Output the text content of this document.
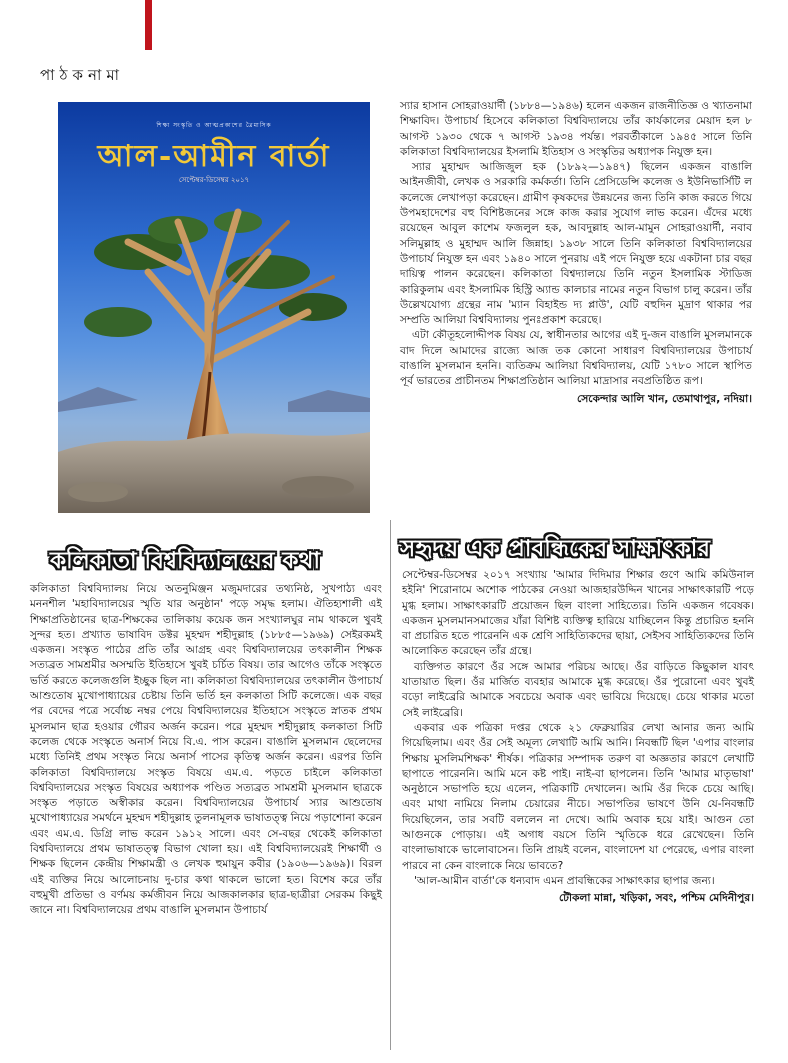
পাঠকনামা
শিক্ষা সংস্কৃতি ও আত্মপ্রকাশের ত্রৈমাসিক
আল-আমীন বার্তা
সেপ্টেম্বর-ডিসেম্বর ২০১৭

স্যার হাসান সোহরাওয়ার্দী (১৮৮৪—১৯৪৬) হলেন একজন রাজনীতিজ্ঞ ও খ্যাতনামা শিক্ষাবিদ। উপাচার্য হিসেবে কলিকাতা বিশ্ববিদ্যালয়ে তাঁর কার্যকালের মেয়াদ হল ৮ আগস্ট ১৯৩০ থেকে ৭ আগস্ট ১৯৩৪ পর্যন্ত। পরবর্তীকালে ১৯৪৫ সালে তিনি কলিকাতা বিশ্ববিদ্যালয়ের ইসলামি ইতিহাস ও সংস্কৃতির অধ্যাপক নিযুক্ত হন।

স্যার মুহাম্মদ আজিজুল হক (১৮৯২—১৯৪৭) ছিলেন একজন বাঙালি আইনজীবী, লেখক ও সরকারি কর্মকর্তা। তিনি প্রেসিডেন্সি কলেজ ও ইউনিভার্সিটি ল কলেজে লেখাপড়া করেছেন। গ্রামীণ কৃষকদের উন্নয়নের জন্য তিনি কাজ করতে গিয়ে উপমহাদেশের বহু বিশিষ্টজনের সঙ্গে কাজ করার সুযোগ লাভ করেন। এঁদের মধ্যে রয়েছেন আবুল কাশেম ফজলুল হক, আবদুল্লাহ আল-মামুন সোহরাওয়ার্দী, নবাব সলিমুল্লাহ ও মুহাম্মদ আলি জিন্নাহ। ১৯৩৮ সালে তিনি কলিকাতা বিশ্ববিদ্যালয়ের উপাচার্য নিযুক্ত হন এবং ১৯৪০ সালে পুনরায় এই পদে নিযুক্ত হয়ে একটানা চার বছর দায়িত্ব পালন করেছেন। কলিকাতা বিশ্বদ্যালয়ে তিনি নতুন ইসলামিক স্টাডিজ কারিকুলাম এবং ইসলামিক হিস্ট্রি অ্যান্ড কালচার নামের নতুন বিভাগ চালু করেন। তাঁর উল্লেখযোগ্য গ্রন্থের নাম 'ম্যান বিহাইন্ড দ্য প্লাউ', যেটি বহুদিন মুদ্রাণ থাকার পর সম্প্রতি আলিয়া বিশ্ববিদ্যালয় পুনঃপ্রকাশ করেছে।

এটা কৌতূহলোদ্দীপক বিষয় যে, স্বাধীনতার আগের এই দু-জন বাঙালি মুসলমানকে বাদ দিলে আমাদের রাজ্যে আজ তক কোনো সাধারণ বিশ্ববিদ্যালয়ের উপাচার্য বাঙালি মুসলমান হননি। ব্যতিক্রম আলিয়া বিশ্ববিদ্যালয়, যেটি ১৭৮০ সালে স্থাপিত পূর্ব ভারতের প্রাচীনতম শিক্ষাপ্রতিষ্ঠান আলিয়া মাদ্রাসার নবপ্রতিষ্ঠিত রূপ।

সেকেন্দার আলি খান, তেমাথাপুর, নদিয়া।
কলিকাতা বিশ্ববিদ্যালয়ের কথা	সহৃদয় এক প্রাবন্ধিকের সাক্ষাৎকার

কলিকাতা বিশ্ববিদ্যালয় নিয়ে অতনুমিঞ্জন মজুমদারের তথ্যনিষ্ঠ, সুখপাঠ্য এবং মননশীল 'মহাবিদ্যালয়ের স্মৃতি যার অনুষ্ঠান' পড়ে সমৃদ্ধ হলাম। ঐতিহ্যশালী এই শিক্ষাপ্রতিষ্ঠানের ছাত্র-শিক্ষকের তালিকায় কয়েক জন সংখ্যালঘুর নাম থাকলে খুবই সুন্দর হত। প্রখ্যাত ভাষাবিদ ডক্টর মুহম্মদ শহীদুল্লাহ (১৮৮৫—১৯৬৯) সেইরকমই একজন। সংস্কৃত পাঠের প্রতি তাঁর আগ্রহ এবং বিশ্ববিদ্যালয়ের তৎকালীন শিক্ষক সত্যব্রত সামশ্রমীর অসম্মতি ইতিহাসে খুবই চর্চিত বিষয়। তার আগেও তাঁকে সংস্কৃতে ভর্তি করতে কলেজগুলি ইচ্ছুক ছিল না। কলিকাতা বিশ্ববিদ্যালয়ের তৎকালীন উপাচার্য আশুতোষ মুখোপাধ্যায়ের চেষ্টায় তিনি ভর্তি হন কলকাতা সিটি কলেজে। এক বছর পর বেদের পত্রে সর্বোচ্চ নম্বর পেয়ে বিশ্ববিদ্যালয়ের ইতিহাসে সংস্কৃতে স্নাতক প্রথম মুসলমান ছাত্র হওয়ার গৌরব অর্জন করেন। পরে মুহম্মদ শহীদুল্লাহ কলকাতা সিটি কলেজ থেকে সংস্কৃতে অনার্স নিয়ে বি.এ. পাস করেন। বাঙালি মুসলমান ছেলেদের মধ্যে তিনিই প্রথম সংস্কৃত নিয়ে অনার্স পাসের কৃতিত্ব অর্জন করেন। এরপর তিনি কলিকাতা বিশ্ববিদ্যালয়ে সংস্কৃত বিষয়ে এম.এ. পড়তে চাইলে কলিকাতা বিশ্ববিদ্যালয়ের সংস্কৃত বিষয়ের অধ্যাপক পণ্ডিত সত্যব্রত সামশ্রমী মুসলমান ছাত্রকে সংস্কৃত পড়াতে অস্বীকার করেন। বিশ্ববিদ্যালয়ের উপাচার্য স্যার আশুতোষ মুখোপাধ্যায়ের সমর্থনে মুহম্মদ শহীদুল্লাহ তুলনামূলক ভাষাতত্ত্ব নিয়ে পড়াশোনা করেন এবং এম.এ. ডিগ্রি লাভ করেন ১৯১২ সালে। এবং সে-বছর থেকেই কলিকাতা বিশ্ববিদ্যালয়ে প্রথম ভাষাতত্ত্ব বিভাগ খোলা হয়। এই বিশ্ববিদ্যালয়েরই শিক্ষার্থী ও শিক্ষক ছিলেন কেন্দ্রীয় শিক্ষামন্ত্রী ও লেখক হুমায়ুন কবীর (১৯০৬—১৯৬৯)। বিরল এই ব্যক্তির নিয়ে আলোচনায় দু-চার কথা থাকলে ভালো হত। বিশেষ করে তাঁর বহুমুখী প্রতিভা ও বর্ণময় কর্মজীবন নিয়ে আজকালকার ছাত্র-ছাত্রীরা সেরকম কিছুই জানে না। বিশ্ববিদ্যালয়ের প্রথম বাঙালি মুসলমান উপাচার্য

সেপ্টেম্বর-ডিসেম্বর ২০১৭ সংখ্যায় 'আমার দিদিমার শিক্ষার গুণে আমি কমিউনাল হইনি' শিরোনামে অশোক পাঠকের নেওয়া আজহারউদ্দিন খানের সাক্ষাৎকারটি পড়ে মুগ্ধ হলাম। সাক্ষাৎকারটি প্রয়োজন ছিল বাংলা সাহিত্যের। তিনি একজন গবেষক। একজন মুসলমানসমাজের যাঁরা বিশিষ্ট ব্যক্তিত্ব হারিয়ে যাচ্ছিলেন কিন্তু প্রচারিত হননি বা প্রচারিত হতে পারেননি এক শ্রেণি সাহিত্যিকদের ছায়া, সেইসব সাহিত্যিকদের তিনি আলোকিত করেছেন তাঁর গ্রন্থে।

ব্যক্তিগত কারণে ওঁর সঙ্গে আমার পরিচয় আছে। ওঁর বাড়িতে কিছুকাল যাবৎ যাতায়াত ছিল। ওঁর মার্জিত ব্যবহার আমাকে মুগ্ধ করেছে। ওঁর পুরোনো এবং খুবই বড়ো লাইব্রেরি আমাকে সবচেয়ে অবাক এবং ভাবিয়ে দিয়েছে। চেয়ে থাকার মতো সেই লাইব্রেরি।

একবার এক পত্রিকা দপ্তর থেকে ২১ ফেব্রুয়ারির লেখা আনার জন্য আমি গিয়েছিলাম। এবং ওঁর সেই অমূল্য লেখাটি আমি আনি। নিবন্ধটি ছিল 'এপার বাংলার শিক্ষায় মুসলিমশিক্ষক' শীর্ষক। পত্রিকার সম্পাদক তরুণ বা অজ্ঞতার কারণে লেখাটি ছাপাতে পারেননি। আমি মনে কষ্ট পাই। নাই-বা ছাপলেন। তিনি 'আমার মাতৃভাষা' অনুষ্ঠানে সভাপতি হয়ে এলেন, পত্রিকাটি দেখালেন। আমি ওঁর দিকে চেয়ে আছি। এবং মাথা নামিয়ে নিলাম চেয়ারের নীচে। সভাপতির ভাষণে উনি যে-নিবন্ধটি দিয়েছিলেন, তার সবটি বললেন না দেখে। আমি অবাক হয়ে যাই। আগুন তো আগুনকে পোড়ায়। এই অগাধ বয়সে তিনি স্মৃতিকে ধরে রেখেছেন। তিনি বাংলাভাষাকে ভালোবাসেন। তিনি প্রায়ই বলেন, বাংলাদেশ যা পেরেছে, এপার বাংলা পারবে না কেন বাংলাকে নিয়ে ভাবতে?

'আল-আমীন বার্তা'কে ধন্যবাদ এমন প্রাবন্ধিকের সাক্ষাৎকার ছাপার জন্য।

টৌকলা মান্না, খড়িকা, সবং, পশ্চিম মেদিনীপুর।
